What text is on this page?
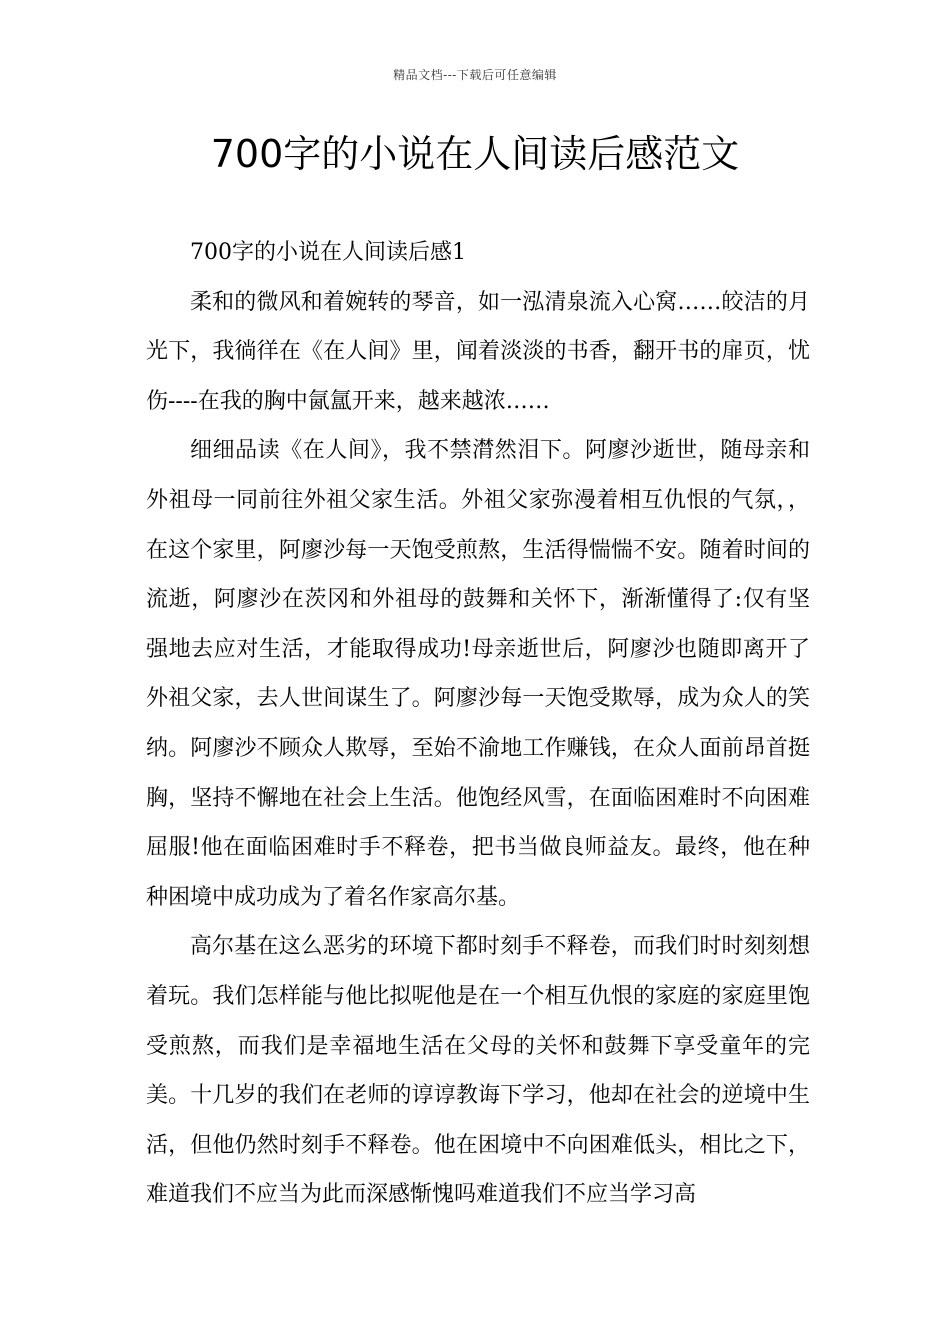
精品文档---下载后可任意编辑
700字的小说在人间读后感范文

700字的小说在人间读后感1

柔和的微风和着婉转的琴音，如一泓清泉流入心窝……皎洁的月光下，我徜徉在《在人间》里，闻着淡淡的书香，翻开书的扉页，忧伤----在我的胸中氤氲开来，越来越浓……

细细品读《在人间》，我不禁潸然泪下。阿廖沙逝世，随母亲和外祖母一同前往外祖父家生活。外祖父家弥漫着相互仇恨的气氛，，在这个家里，阿廖沙每一天饱受煎熬，生活得惴惴不安。随着时间的流逝，阿廖沙在茨冈和外祖母的鼓舞和关怀下，渐渐懂得了:仅有坚强地去应对生活，才能取得成功!母亲逝世后，阿廖沙也随即离开了外祖父家，去人世间谋生了。阿廖沙每一天饱受欺辱，成为众人的笑纳。阿廖沙不顾众人欺辱，至始不渝地工作赚钱，在众人面前昂首挺胸，坚持不懈地在社会上生活。他饱经风雪，在面临困难时不向困难屈服!他在面临困难时手不释卷，把书当做良师益友。最终，他在种种困境中成功成为了着名作家高尔基。

高尔基在这么恶劣的环境下都时刻手不释卷，而我们时时刻刻想着玩。我们怎样能与他比拟呢他是在一个相互仇恨的家庭的家庭里饱受煎熬，而我们是幸福地生活在父母的关怀和鼓舞下享受童年的完美。十几岁的我们在老师的谆谆教诲下学习，他却在社会的逆境中生活，但他仍然时刻手不释卷。他在困境中不向困难低头，相比之下，难道我们不应当为此而深感惭愧吗难道我们不应当学习高
